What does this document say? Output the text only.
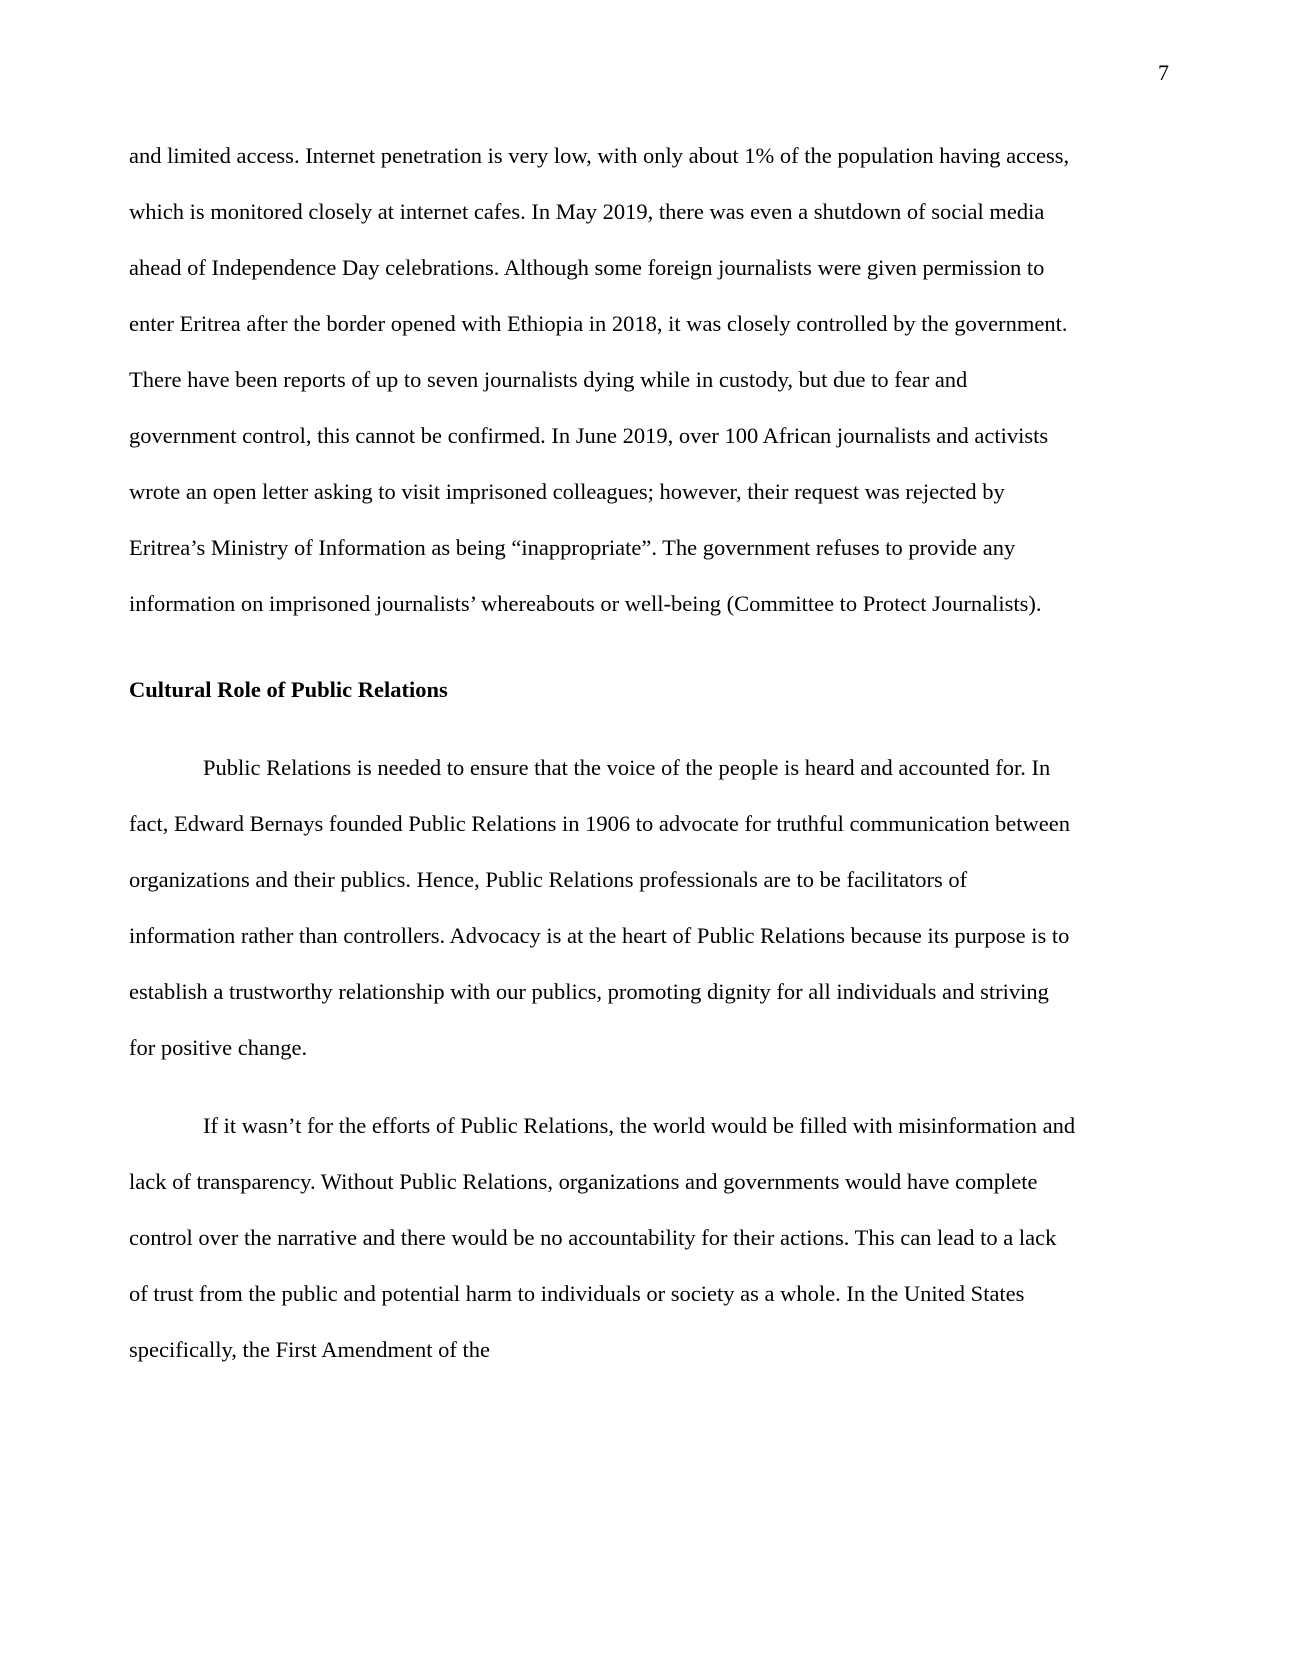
7

and limited access. Internet penetration is very low, with only about 1% of the population having access, which is monitored closely at internet cafes. In May 2019, there was even a shutdown of social media ahead of Independence Day celebrations. Although some foreign journalists were given permission to enter Eritrea after the border opened with Ethiopia in 2018, it was closely controlled by the government. There have been reports of up to seven journalists dying while in custody, but due to fear and government control, this cannot be confirmed. In June 2019, over 100 African journalists and activists wrote an open letter asking to visit imprisoned colleagues; however, their request was rejected by Eritrea’s Ministry of Information as being “inappropriate”. The government refuses to provide any information on imprisoned journalists’ whereabouts or well-being (Committee to Protect Journalists).

Cultural Role of Public Relations

Public Relations is needed to ensure that the voice of the people is heard and accounted for. In fact, Edward Bernays founded Public Relations in 1906 to advocate for truthful communication between organizations and their publics. Hence, Public Relations professionals are to be facilitators of information rather than controllers. Advocacy is at the heart of Public Relations because its purpose is to establish a trustworthy relationship with our publics, promoting dignity for all individuals and striving for positive change.

If it wasn’t for the efforts of Public Relations, the world would be filled with misinformation and lack of transparency. Without Public Relations, organizations and governments would have complete control over the narrative and there would be no accountability for their actions. This can lead to a lack of trust from the public and potential harm to individuals or society as a whole. In the United States specifically, the First Amendment of the
